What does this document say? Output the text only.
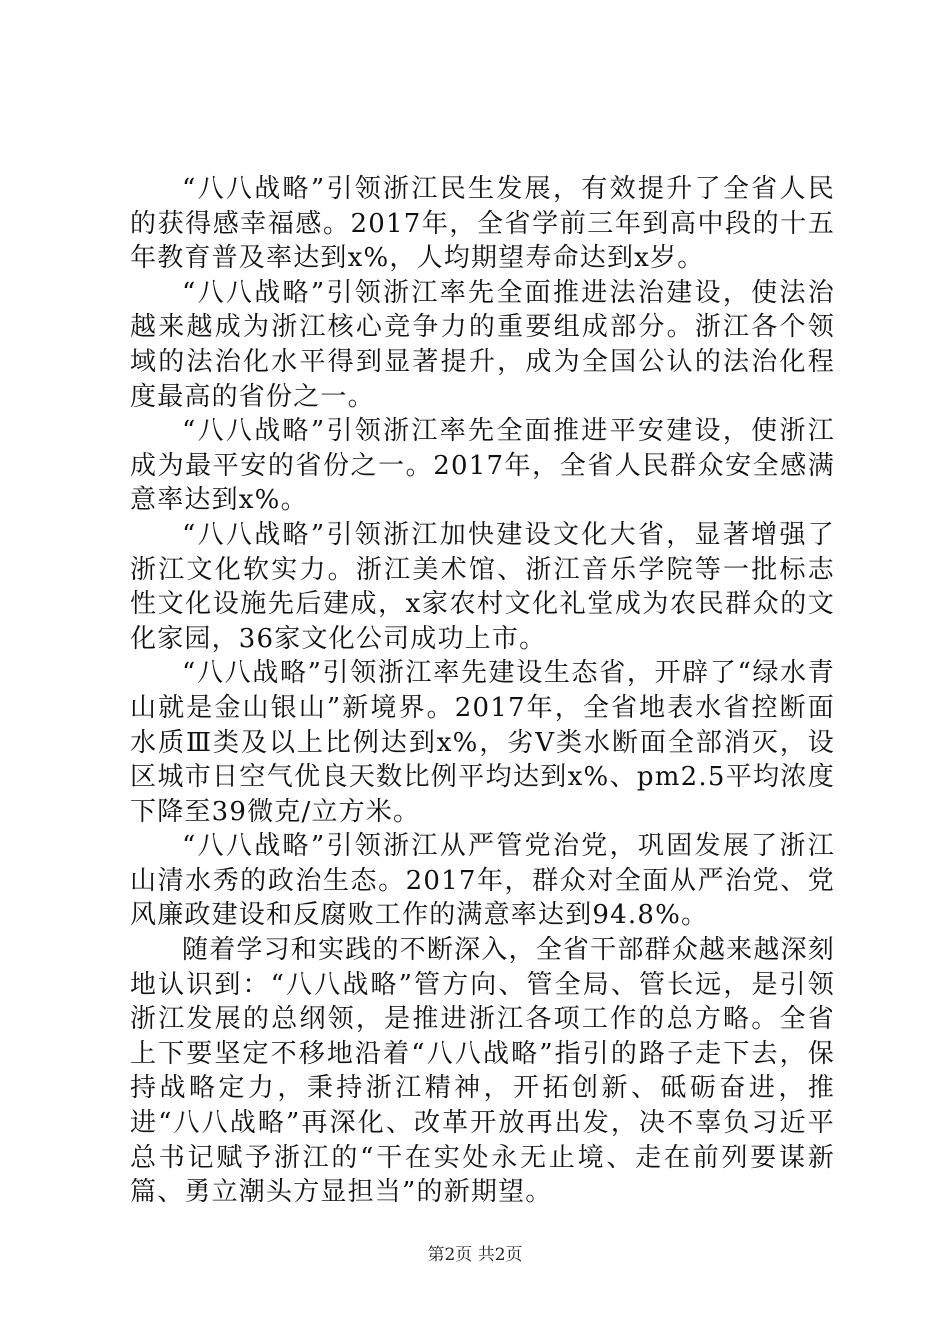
“八八战略”引领浙江民生发展，有效提升了全省人民的获得感幸福感。2017年，全省学前三年到高中段的十五年教育普及率达到x%，人均期望寿命达到x岁。

“八八战略”引领浙江率先全面推进法治建设，使法治越来越成为浙江核心竞争力的重要组成部分。浙江各个领域的法治化水平得到显著提升，成为全国公认的法治化程度最高的省份之一。

“八八战略”引领浙江率先全面推进平安建设，使浙江成为最平安的省份之一。2017年，全省人民群众安全感满意率达到x%。

“八八战略”引领浙江加快建设文化大省，显著增强了浙江文化软实力。浙江美术馆、浙江音乐学院等一批标志性文化设施先后建成，x家农村文化礼堂成为农民群众的文化家园，36家文化公司成功上市。

“八八战略”引领浙江率先建设生态省，开辟了“绿水青山就是金山银山”新境界。2017年，全省地表水省控断面水质Ⅲ类及以上比例达到x%，劣Ⅴ类水断面全部消灭，设区城市日空气优良天数比例平均达到x%、pm2.5平均浓度下降至39微克/立方米。

“八八战略”引领浙江从严管党治党，巩固发展了浙江山清水秀的政治生态。2017年，群众对全面从严治党、党风廉政建设和反腐败工作的满意率达到94.8%。

随着学习和实践的不断深入，全省干部群众越来越深刻地认识到：“八八战略”管方向、管全局、管长远，是引领浙江发展的总纲领，是推进浙江各项工作的总方略。全省上下要坚定不移地沿着“八八战略”指引的路子走下去，保持战略定力，秉持浙江精神，开拓创新、砥砺奋进，推进“八八战略”再深化、改革开放再出发，决不辜负习近平总书记赋予浙江的“干在实处永无止境、走在前列要谋新篇、勇立潮头方显担当”的新期望。

第2页 共2页
